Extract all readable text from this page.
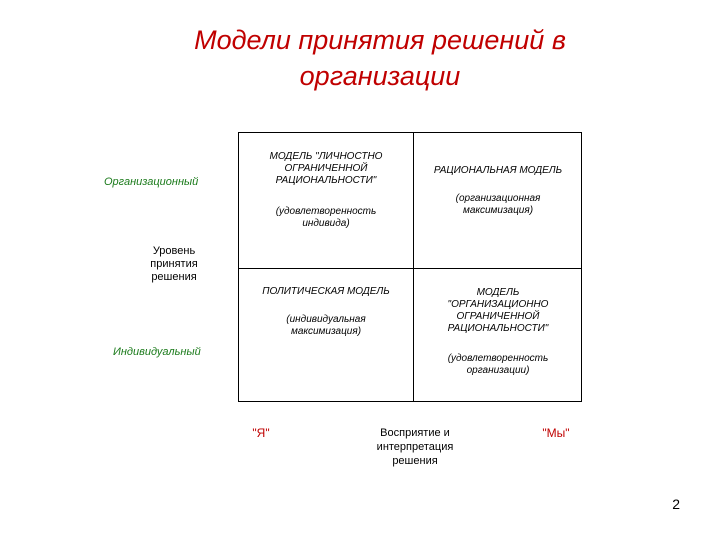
Модели принятия решений в
организации
Организационный
Уровень
принятия
решения
Индивидуальный
МОДЕЛЬ "ЛИЧНОСТНО
ОГРАНИЧЕННОЙ
РАЦИОНАЛЬНОСТИ"
(удовлетворенность
индивида)
РАЦИОНАЛЬНАЯ МОДЕЛЬ
(организационная
максимизация)
ПОЛИТИЧЕСКАЯ МОДЕЛЬ
(индивидуальная
максимизация)
МОДЕЛЬ
"ОРГАНИЗАЦИОННО
ОГРАНИЧЕННОЙ
РАЦИОНАЛЬНОСТИ"
(удовлетворенность
организации)
"Я"	Восприятие и
интерпретация
решения
"Мы"
2
